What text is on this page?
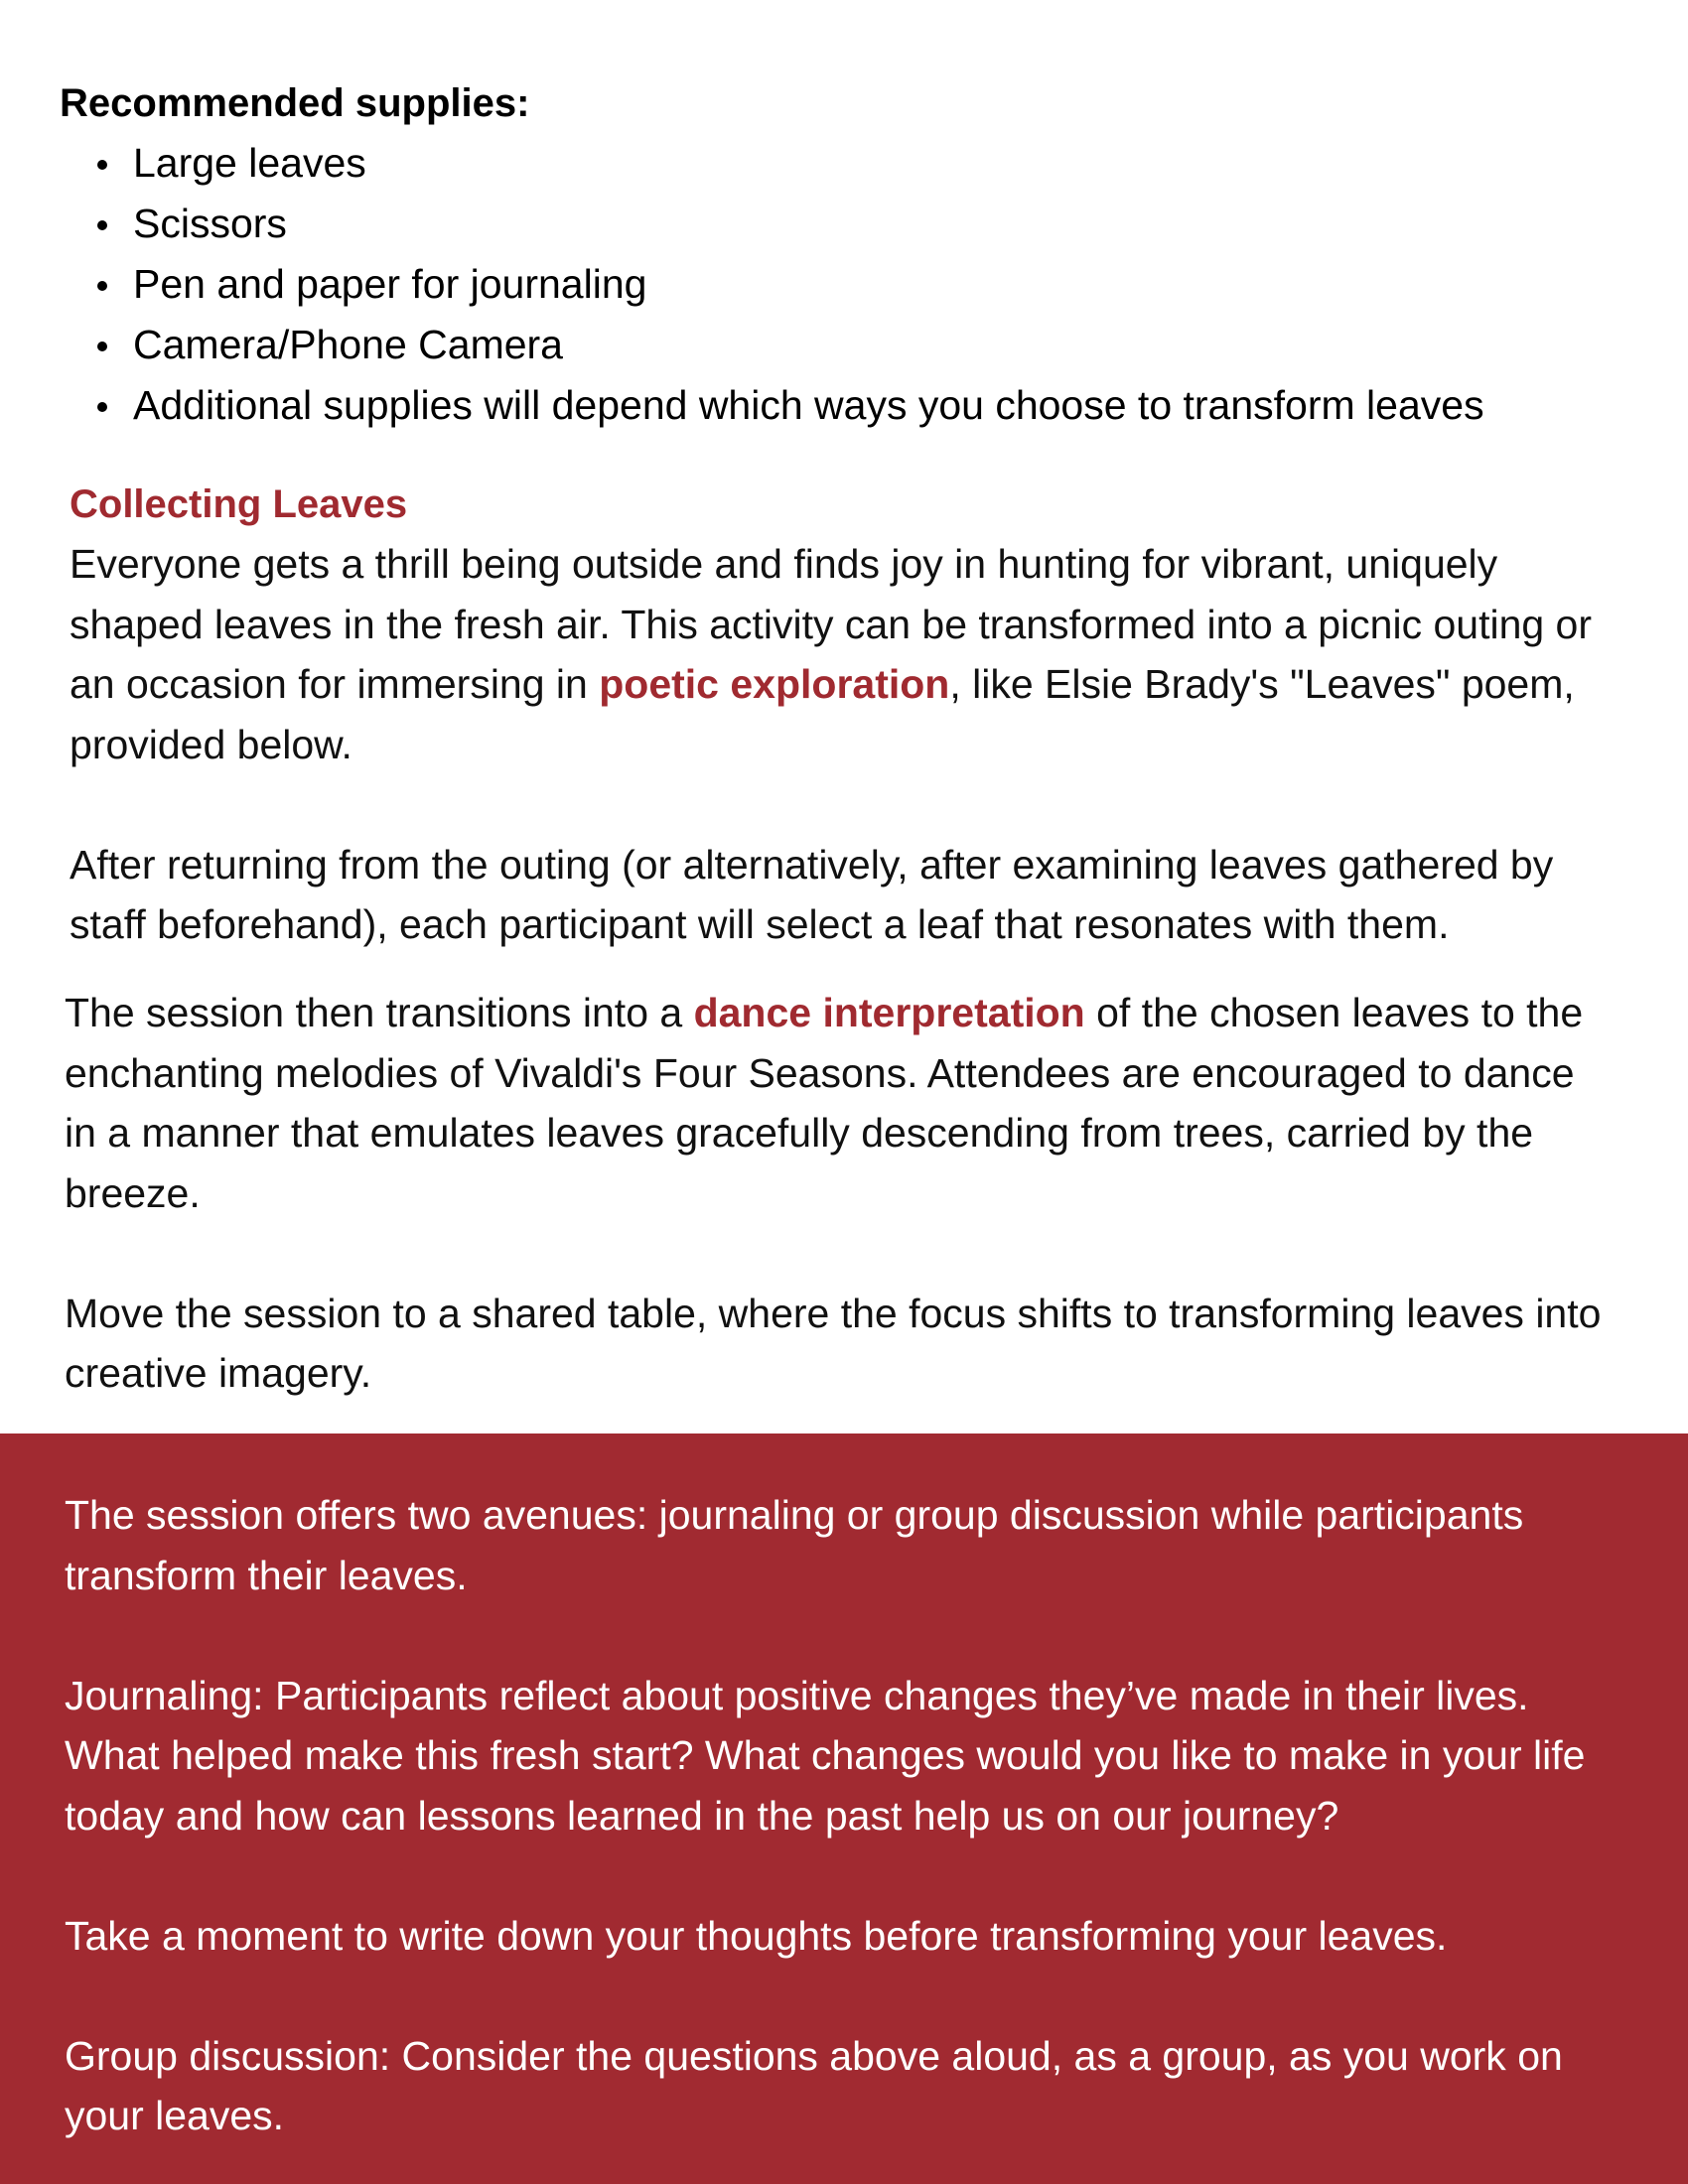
Recommended supplies:
Large leaves
Scissors
Pen and paper for journaling
Camera/Phone Camera
Additional supplies will depend which ways you choose to transform leaves
Collecting Leaves

Everyone gets a thrill being outside and finds joy in hunting for vibrant, uniquely shaped leaves in the fresh air. This activity can be transformed into a picnic outing or an occasion for immersing in poetic exploration, like Elsie Brady's "Leaves" poem, provided below.

After returning from the outing (or alternatively, after examining leaves gathered by staff beforehand), each participant will select a leaf that resonates with them.

The session then transitions into a dance interpretation of the chosen leaves to the enchanting melodies of Vivaldi's Four Seasons. Attendees are encouraged to dance in a manner that emulates leaves gracefully descending from trees, carried by the breeze.

Move the session to a shared table, where the focus shifts to transforming leaves into creative imagery.

The session offers two avenues: journaling or group discussion while participants transform their leaves.

Journaling: Participants reflect about positive changes they’ve made in their lives. What helped make this fresh start? What changes would you like to make in your life today and how can lessons learned in the past help us on our journey?

Take a moment to write down your thoughts before transforming your leaves.

Group discussion: Consider the questions above aloud, as a group, as you work on your leaves.
